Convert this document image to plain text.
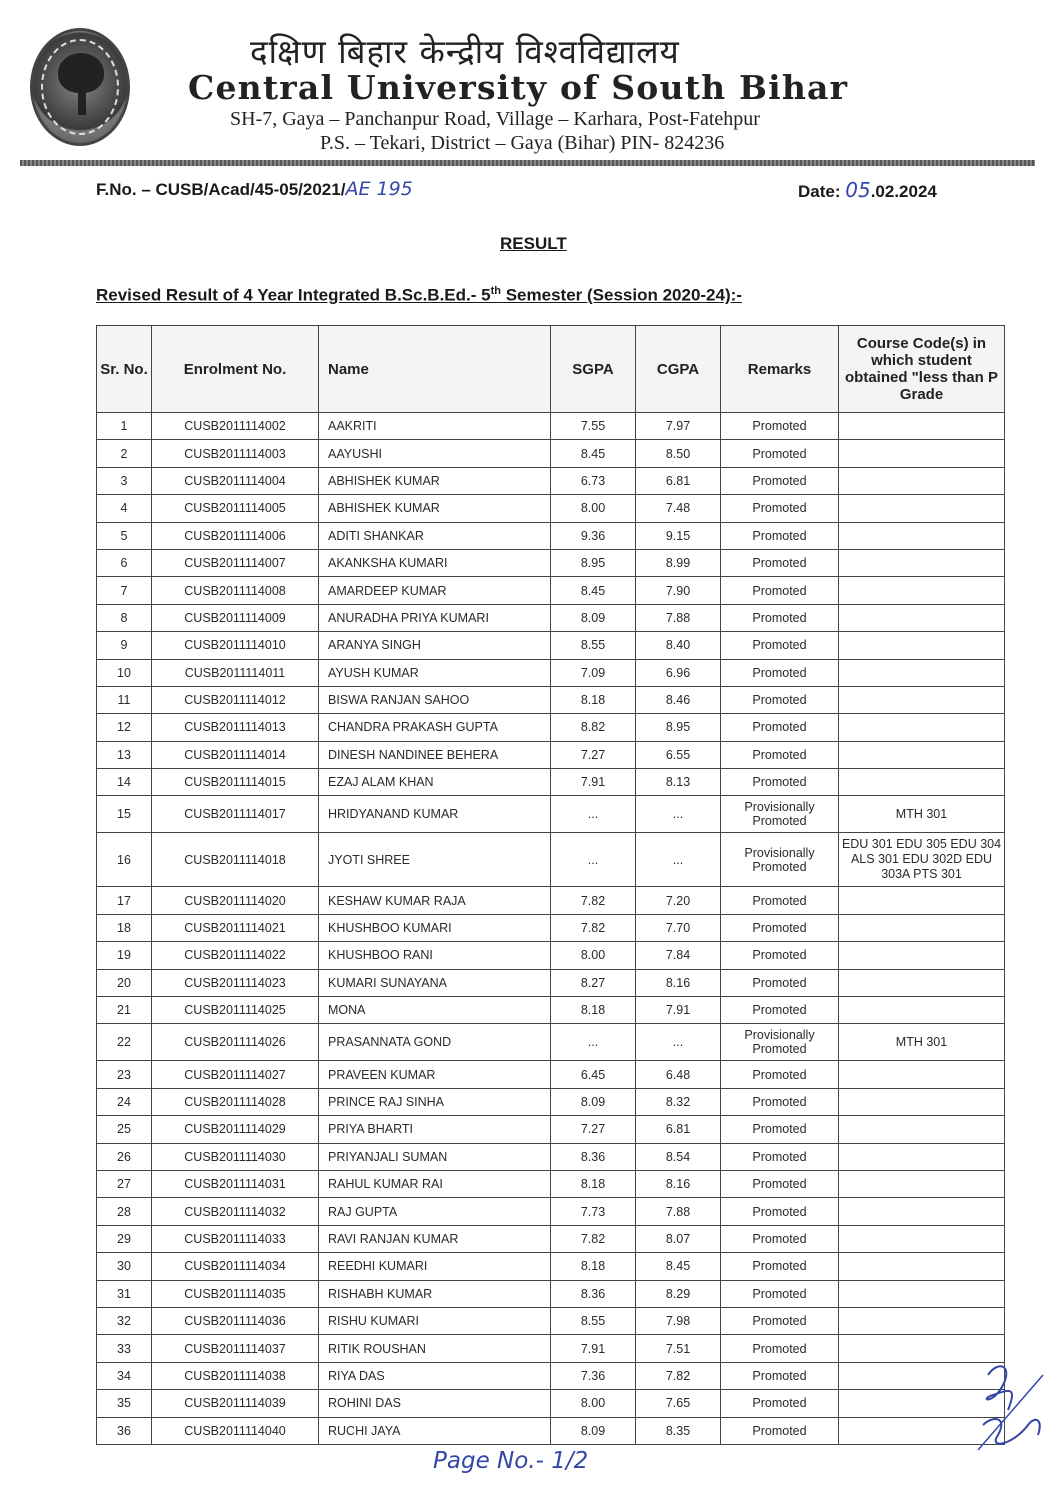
दक्षिण बिहार केन्द्रीय विश्वविद्यालय
Central University of South Bihar
SH-7, Gaya – Panchanpur Road, Village – Karhara, Post-Fatehpur
P.S. – Tekari, District – Gaya (Bihar) PIN- 824236
F.No. – CUSB/Acad/45-05/2021/AE 195	Date: 05.02.2024
RESULT
Revised Result of 4 Year Integrated B.Sc.B.Ed.- 5th Semester (Session 2020-24):-
Sr. No.	Enrolment No.	Name	SGPA	CGPA	Remarks	Course Code(s) in which student obtained "less than P Grade
1	CUSB2011114002	AAKRITI	7.55	7.97	Promoted	
2	CUSB2011114003	AAYUSHI	8.45	8.50	Promoted	
3	CUSB2011114004	ABHISHEK KUMAR	6.73	6.81	Promoted	
4	CUSB2011114005	ABHISHEK KUMAR	8.00	7.48	Promoted	
5	CUSB2011114006	ADITI SHANKAR	9.36	9.15	Promoted	
6	CUSB2011114007	AKANKSHA KUMARI	8.95	8.99	Promoted	
7	CUSB2011114008	AMARDEEP KUMAR	8.45	7.90	Promoted	
8	CUSB2011114009	ANURADHA PRIYA KUMARI	8.09	7.88	Promoted	
9	CUSB2011114010	ARANYA SINGH	8.55	8.40	Promoted	
10	CUSB2011114011	AYUSH KUMAR	7.09	6.96	Promoted	
11	CUSB2011114012	BISWA RANJAN SAHOO	8.18	8.46	Promoted	
12	CUSB2011114013	CHANDRA PRAKASH GUPTA	8.82	8.95	Promoted	
13	CUSB2011114014	DINESH NANDINEE BEHERA	7.27	6.55	Promoted	
14	CUSB2011114015	EZAJ ALAM KHAN	7.91	8.13	Promoted	
15	CUSB2011114017	HRIDYANAND KUMAR	...	...	Provisionally Promoted	MTH 301
16	CUSB2011114018	JYOTI SHREE	...	...	Provisionally Promoted	EDU 301 EDU 305 EDU 304 ALS 301 EDU 302D EDU 303A PTS 301
17	CUSB2011114020	KESHAW KUMAR RAJA	7.82	7.20	Promoted	
18	CUSB2011114021	KHUSHBOO KUMARI	7.82	7.70	Promoted	
19	CUSB2011114022	KHUSHBOO RANI	8.00	7.84	Promoted	
20	CUSB2011114023	KUMARI SUNAYANA	8.27	8.16	Promoted	
21	CUSB2011114025	MONA	8.18	7.91	Promoted	
22	CUSB2011114026	PRASANNATA GOND	...	...	Provisionally Promoted	MTH 301
23	CUSB2011114027	PRAVEEN KUMAR	6.45	6.48	Promoted	
24	CUSB2011114028	PRINCE RAJ SINHA	8.09	8.32	Promoted	
25	CUSB2011114029	PRIYA BHARTI	7.27	6.81	Promoted	
26	CUSB2011114030	PRIYANJALI SUMAN	8.36	8.54	Promoted	
27	CUSB2011114031	RAHUL KUMAR RAI	8.18	8.16	Promoted	
28	CUSB2011114032	RAJ GUPTA	7.73	7.88	Promoted	
29	CUSB2011114033	RAVI RANJAN KUMAR	7.82	8.07	Promoted	
30	CUSB2011114034	REEDHI KUMARI	8.18	8.45	Promoted	
31	CUSB2011114035	RISHABH KUMAR	8.36	8.29	Promoted	
32	CUSB2011114036	RISHU KUMARI	8.55	7.98	Promoted	
33	CUSB2011114037	RITIK ROUSHAN	7.91	7.51	Promoted	
34	CUSB2011114038	RIYA DAS	7.36	7.82	Promoted	
35	CUSB2011114039	ROHINI DAS	8.00	7.65	Promoted	
36	CUSB2011114040	RUCHI JAYA	8.09	8.35	Promoted	
Page No.- 1/2
